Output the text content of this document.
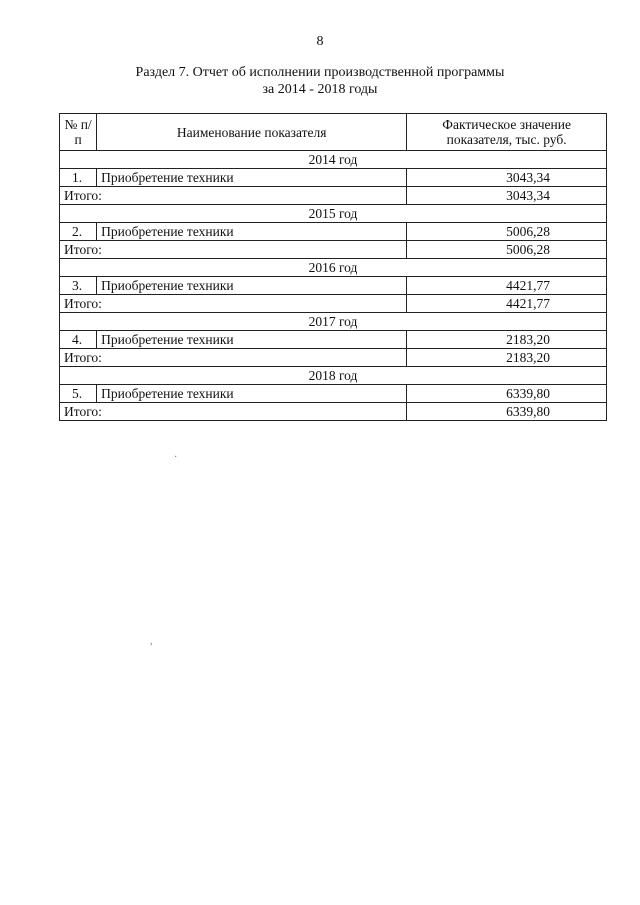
8
Раздел 7. Отчет об исполнении производственной программы
за 2014 - 2018 годы
№ п/п	Наименование показателя	Фактическое значение показателя, тыс. руб.
2014 год		
1.	Приобретение техники	3043,34
Итого:		3043,34
2015 год		
2.	Приобретение техники	5006,28
Итого:		5006,28
2016 год		
3.	Приобретение техники	4421,77
Итого:		4421,77
2017 год		
4.	Приобретение техники	2183,20
Итого:		2183,20
2018 год		
5.	Приобретение техники	6339,80
Итого:		6339,80
·
,
